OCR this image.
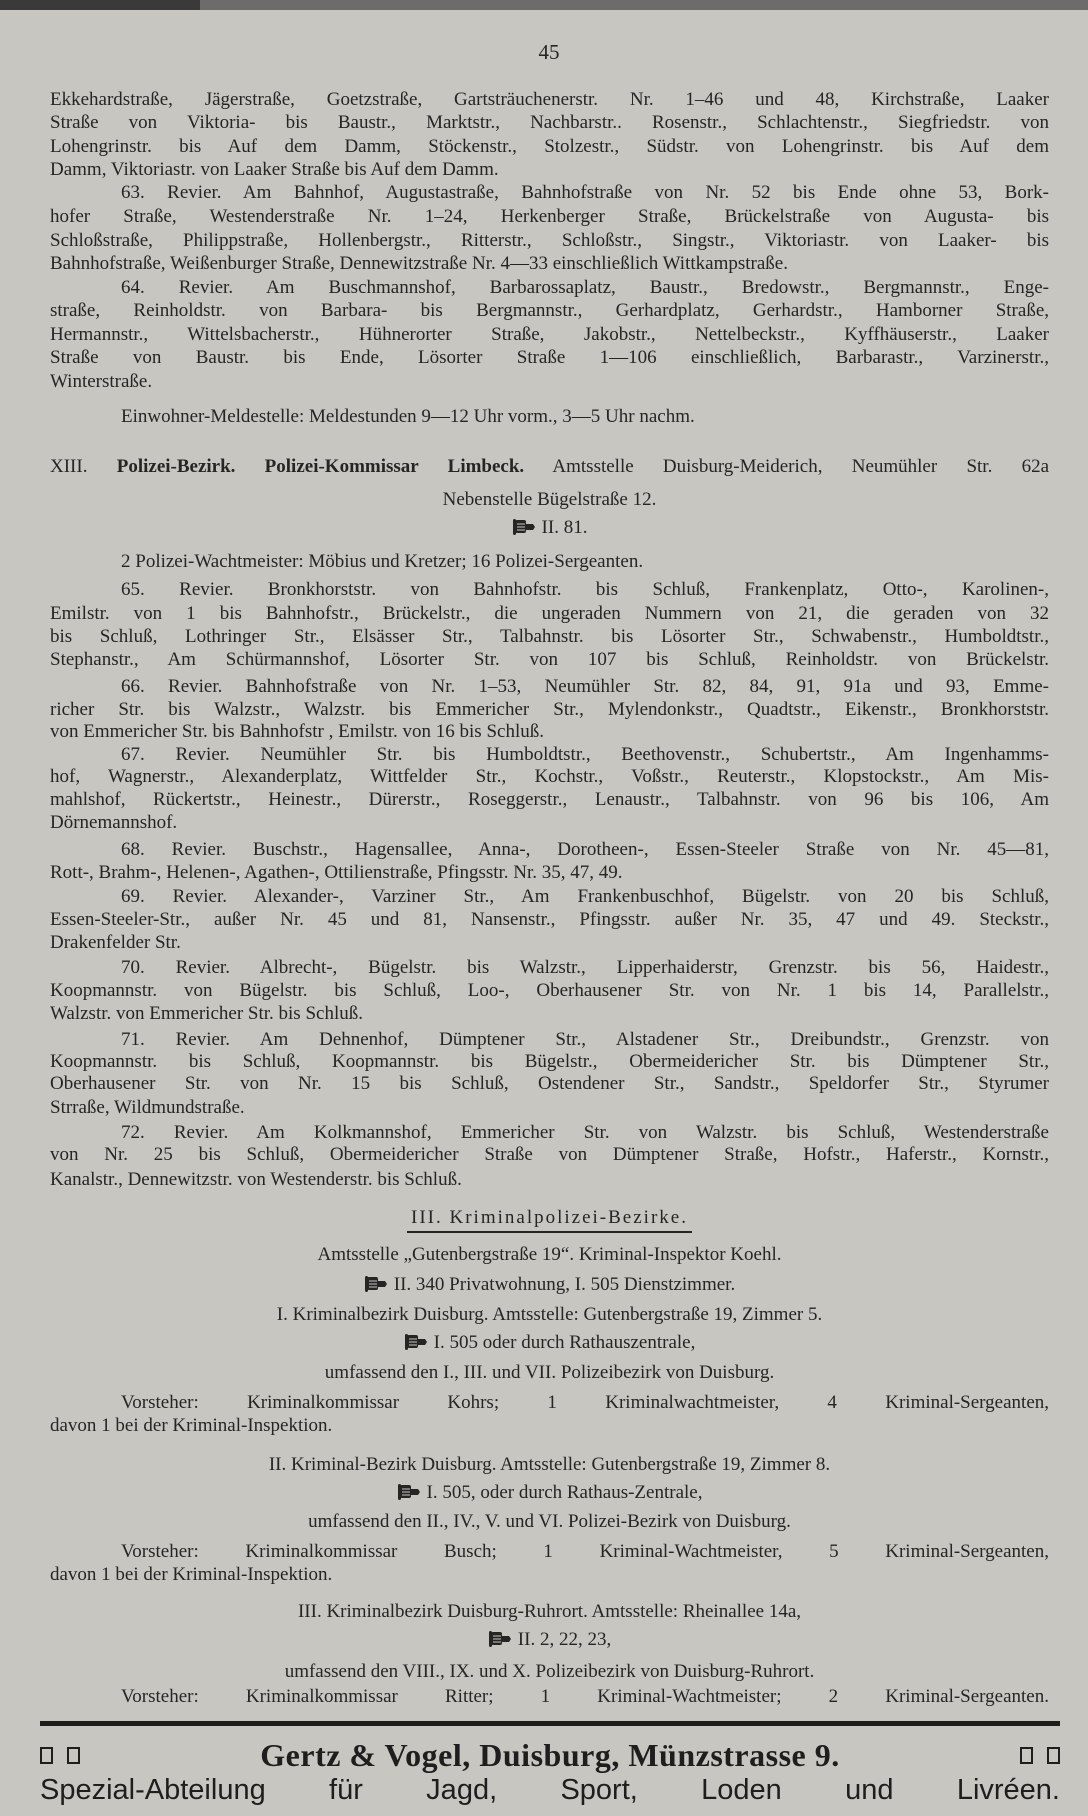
45
Ekkehardstraße, Jägerstraße, Goetzstraße, Gartsträuchenerstr. Nr. 1–46 und 48, Kirchstraße, Laaker
Straße von Viktoria- bis Baustr., Marktstr., Nachbarstr.. Rosenstr., Schlachtenstr., Siegfriedstr. von
Lohengrinstr. bis Auf dem Damm, Stöckenstr., Stolzestr., Südstr. von Lohengrinstr. bis Auf dem
Damm, Viktoriastr. von Laaker Straße bis Auf dem Damm.
63. Revier. Am Bahnhof, Augustastraße, Bahnhofstraße von Nr. 52 bis Ende ohne 53, Bork-
hofer Straße, Westenderstraße Nr. 1–24, Herkenberger Straße, Brückelstraße von Augusta- bis
Schloßstraße, Philippstraße, Hollenbergstr., Ritterstr., Schloßstr., Singstr., Viktoriastr. von Laaker- bis
Bahnhofstraße, Weißenburger Straße, Dennewitzstraße Nr. 4—33 einschließlich Wittkampstraße.
64. Revier. Am Buschmannshof, Barbarossaplatz, Baustr., Bredowstr., Bergmannstr., Enge-
straße, Reinholdstr. von Barbara- bis Bergmannstr., Gerhardplatz, Gerhardstr., Hamborner Straße,
Hermannstr., Wittelsbacherstr., Hühnerorter Straße, Jakobstr., Nettelbeckstr., Kyffhäuserstr., Laaker
Straße von Baustr. bis Ende, Lösorter Straße 1—106 einschließlich, Barbarastr., Varzinerstr.,
Winterstraße.
Einwohner-Meldestelle: Meldestunden 9—12 Uhr vorm., 3—5 Uhr nachm.
XIII. Polizei-Bezirk. Polizei-Kommissar Limbeck. Amtsstelle Duisburg-Meiderich, Neumühler Str. 62a
Nebenstelle Bügelstraße 12.
II. 81.
2 Polizei-Wachtmeister: Möbius und Kretzer; 16 Polizei-Sergeanten.
65. Revier. Bronkhorststr. von Bahnhofstr. bis Schluß, Frankenplatz, Otto-, Karolinen-,
Emilstr. von 1 bis Bahnhofstr., Brückelstr., die ungeraden Nummern von 21, die geraden von 32
bis Schluß, Lothringer Str., Elsässer Str., Talbahnstr. bis Lösorter Str., Schwabenstr., Humboldtstr.,
Stephanstr., Am Schürmannshof, Lösorter Str. von 107 bis Schluß, Reinholdstr. von Brückelstr.
66. Revier. Bahnhofstraße von Nr. 1–53, Neumühler Str. 82, 84, 91, 91a und 93, Emme-
richer Str. bis Walzstr., Walzstr. bis Emmericher Str., Mylendonkstr., Quadtstr., Eikenstr., Bronkhorststr.
von Emmericher Str. bis Bahnhofstr , Emilstr. von 16 bis Schluß.
67. Revier. Neumühler Str. bis Humboldtstr., Beethovenstr., Schubertstr., Am Ingenhamms-
hof, Wagnerstr., Alexanderplatz, Wittfelder Str., Kochstr., Voßstr., Reuterstr., Klopstockstr., Am Mis-
mahlshof, Rückertstr., Heinestr., Dürerstr., Roseggerstr., Lenaustr., Talbahnstr. von 96 bis 106, Am
Dörnemannshof.
68. Revier. Buschstr., Hagensallee, Anna-, Dorotheen-, Essen-Steeler Straße von Nr. 45—81,
Rott-, Brahm-, Helenen-, Agathen-, Ottilienstraße, Pfingsstr. Nr. 35, 47, 49.
69. Revier. Alexander-, Varziner Str., Am Frankenbuschhof, Bügelstr. von 20 bis Schluß,
Essen-Steeler-Str., außer Nr. 45 und 81, Nansenstr., Pfingsstr. außer Nr. 35, 47 und 49. Steckstr.,
Drakenfelder Str.
70. Revier. Albrecht-, Bügelstr. bis Walzstr., Lipperhaiderstr, Grenzstr. bis 56, Haidestr.,
Koopmannstr. von Bügelstr. bis Schluß, Loo-, Oberhausener Str. von Nr. 1 bis 14, Parallelstr.,
Walzstr. von Emmericher Str. bis Schluß.
71. Revier. Am Dehnenhof, Dümptener Str., Alstadener Str., Dreibundstr., Grenzstr. von
Koopmannstr. bis Schluß, Koopmannstr. bis Bügelstr., Obermeidericher Str. bis Dümptener Str.,
Oberhausener Str. von Nr. 15 bis Schluß, Ostendener Str., Sandstr., Speldorfer Str., Styrumer
Strraße, Wildmundstraße.
72. Revier. Am Kolkmannshof, Emmericher Str. von Walzstr. bis Schluß, Westenderstraße
von Nr. 25 bis Schluß, Obermeidericher Straße von Dümptener Straße, Hofstr., Haferstr., Kornstr.,
Kanalstr., Dennewitzstr. von Westenderstr. bis Schluß.
III. Kriminalpolizei-Bezirke.
Amtsstelle „Gutenbergstraße 19“. Kriminal-Inspektor Koehl.
II. 340 Privatwohnung, I. 505 Dienstzimmer.
I. Kriminalbezirk Duisburg. Amtsstelle: Gutenbergstraße 19, Zimmer 5.
I. 505 oder durch Rathauszentrale,
umfassend den I., III. und VII. Polizeibezirk von Duisburg.
Vorsteher: Kriminalkommissar Kohrs; 1 Kriminalwachtmeister, 4 Kriminal-Sergeanten,
davon 1 bei der Kriminal-Inspektion.
II. Kriminal-Bezirk Duisburg. Amtsstelle: Gutenbergstraße 19, Zimmer 8.
I. 505, oder durch Rathaus-Zentrale,
umfassend den II., IV., V. und VI. Polizei-Bezirk von Duisburg.
Vorsteher: Kriminalkommissar Busch; 1 Kriminal-Wachtmeister, 5 Kriminal-Sergeanten,
davon 1 bei der Kriminal-Inspektion.
III. Kriminalbezirk Duisburg-Ruhrort. Amtsstelle: Rheinallee 14a,
II. 2, 22, 23,
umfassend den VIII., IX. und X. Polizeibezirk von Duisburg-Ruhrort.
Vorsteher: Kriminalkommissar Ritter; 1 Kriminal-Wachtmeister; 2 Kriminal-Sergeanten.
Gertz & Vogel, Duisburg, Münzstrasse 9.
Spezial-Abteilung für Jagd, Sport, Loden und Livréen.
